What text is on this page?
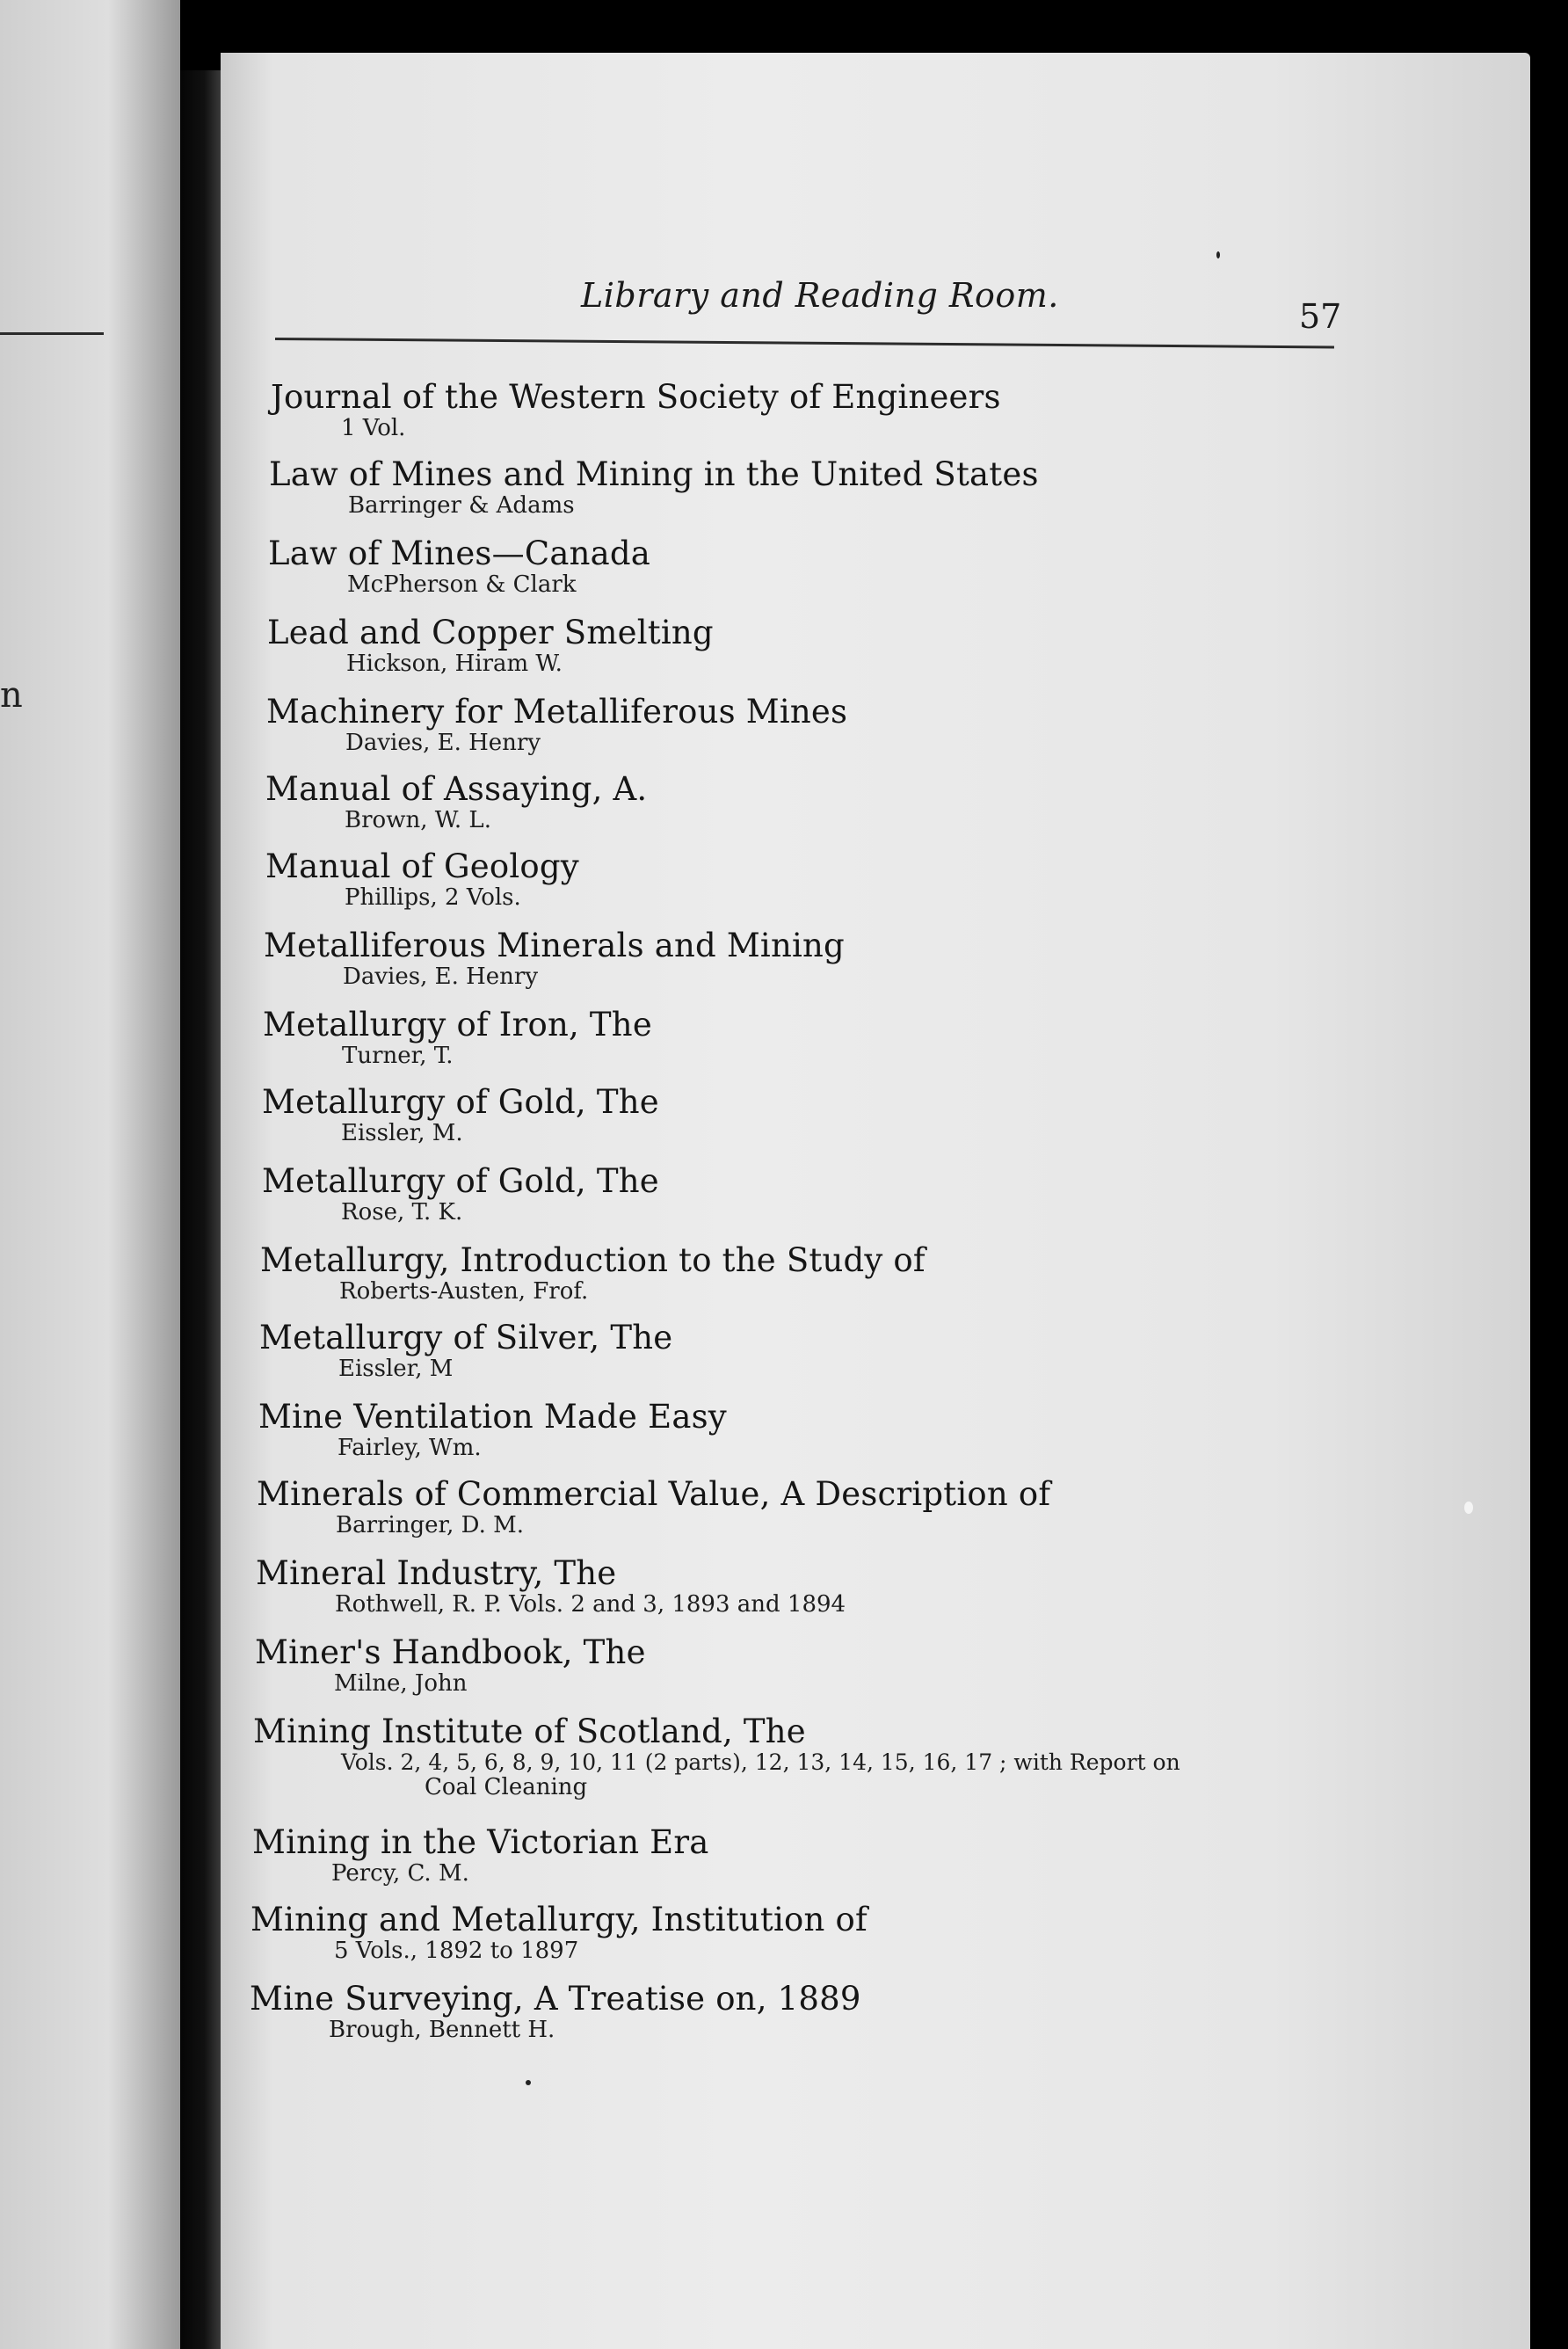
n
Library and Reading Room.
57
Journal of the Western Society of Engineers
1 Vol.
Law of Mines and Mining in the United States
Barringer & Adams
Law of Mines—Canada
McPherson & Clark
Lead and Copper Smelting
Hickson, Hiram W.
Machinery for Metalliferous Mines
Davies, E. Henry
Manual of Assaying, A.
Brown, W. L.
Manual of Geology
Phillips, 2 Vols.
Metalliferous Minerals and Mining
Davies, E. Henry
Metallurgy of Iron, The
Turner, T.
Metallurgy of Gold, The
Eissler, M.
Metallurgy of Gold, The
Rose, T. K.
Metallurgy, Introduction to the Study of
Roberts-Austen, Frof.
Metallurgy of Silver, The
Eissler, M
Mine Ventilation Made Easy
Fairley, Wm.
Minerals of Commercial Value, A Description of
Barringer, D. M.
Mineral Industry, The
Rothwell, R. P. Vols. 2 and 3, 1893 and 1894
Miner's Handbook, The
Milne, John
Mining Institute of Scotland, The
Vols. 2, 4, 5, 6, 8, 9, 10, 11 (2 parts), 12, 13, 14, 15, 16, 17 ; with Report on
Coal Cleaning
Mining in the Victorian Era
Percy, C. M.
Mining and Metallurgy, Institution of
5 Vols., 1892 to 1897
Mine Surveying, A Treatise on, 1889
Brough, Bennett H.
